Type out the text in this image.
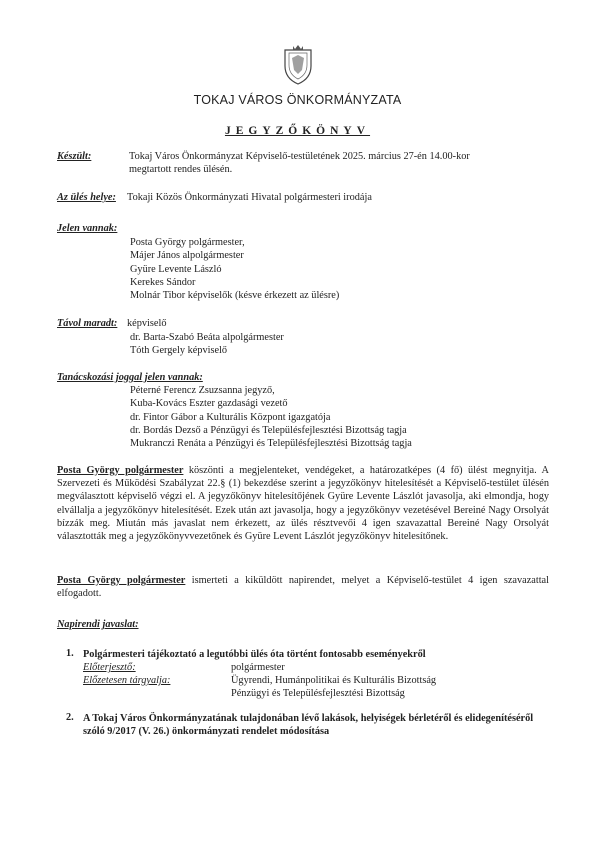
TOKAJ VÁROS ÖNKORMÁNYZATA
JEGYZŐKÖNYV
Készült:	Tokaj Város Önkormányzat Képviselő-testületének 2025. március 27-én 14.00-kor
megtartott rendes ülésén.
Az ülés helye: Tokaji Közös Önkormányzati Hivatal polgármesteri irodája
Jelen vannak:
Posta György polgármester,
Májer János alpolgármester
Gyüre Levente László
Kerekes Sándor
Molnár Tibor képviselők (késve érkezett az ülésre)
Távol maradt: képviselő
dr. Barta-Szabó Beáta alpolgármester
Tóth Gergely képviselő
Tanácskozási joggal jelen vannak:
Péterné Ferencz Zsuzsanna jegyző,
Kuba-Kovács Eszter gazdasági vezető
dr. Fintor Gábor a Kulturális Központ igazgatója
dr. Bordás Dezső a Pénzügyi és Településfejlesztési Bizottság tagja
Mukranczi Renáta a Pénzügyi és Településfejlesztési Bizottság tagja
Posta György polgármester köszönti a megjelenteket, vendégeket, a határozatképes (4 fő) ülést megnyitja. A Szervezeti és Működési Szabályzat 22.§ (1) bekezdése szerint a jegyzőkönyv hitelesítését a Képviselő-testület ülésén megválasztott képviselő végzi el. A jegyzőkönyv hitelesítőjének Gyüre Levente Lászlót javasolja, aki elmondja, hogy elvállalja a jegyzőkönyv hitelesítését. Ezek után azt javasolja, hogy a jegyzőkönyv vezetésével Bereiné Nagy Orsolyát bízzák meg. Miután más javaslat nem érkezett, az ülés résztvevői 4 igen szavazattal Bereiné Nagy Orsolyát választották meg a jegyzőkönyvvezetőnek és Gyüre Levent Lászlót jegyzőkönyv hitelesítőnek.
Posta György polgármester ismerteti a kiküldött napirendet, melyet a Képviselő-testület 4 igen szavazattal elfogadott.
Napirendi javaslat:
1. Polgármesteri tájékoztató a legutóbbi ülés óta történt fontosabb eseményekről
Előterjesztő:	polgármester
Előzetesen tárgyalja:	Ügyrendi, Humánpolitikai és Kulturális Bizottság
Pénzügyi és Településfejlesztési Bizottság
2. A Tokaj Város Önkormányzatának tulajdonában lévő lakások, helyiségek bérletéről és elidegenítéséről szóló 9/2017 (V. 26.) önkormányzati rendelet módosítása
